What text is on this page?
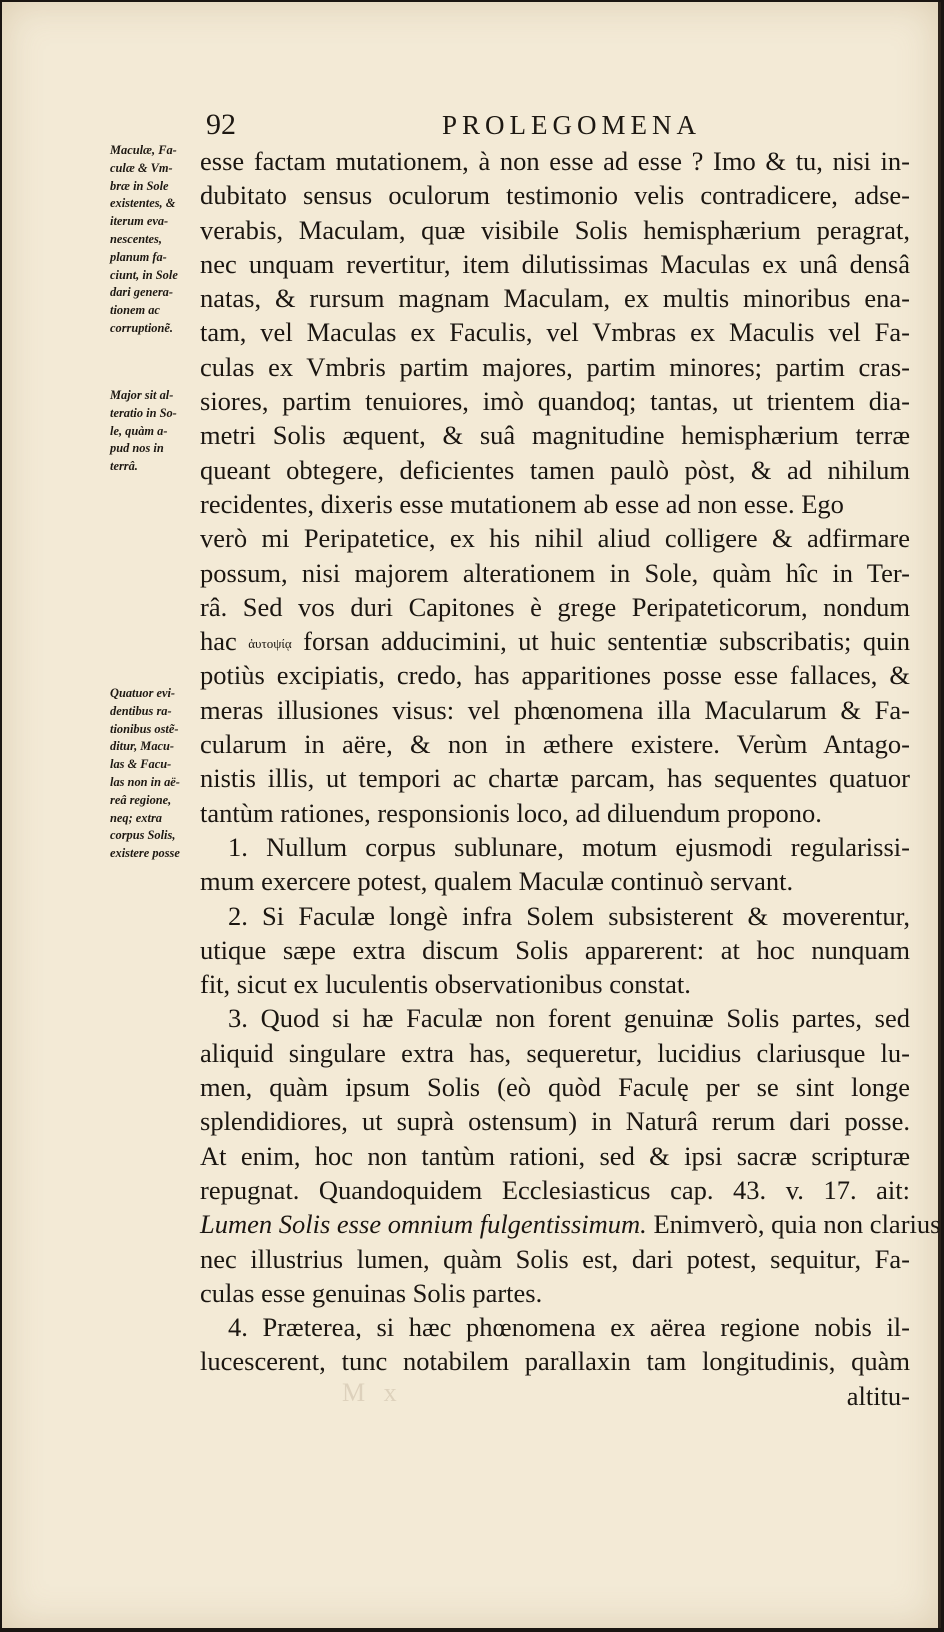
92	PROLEGOMENA
Maculæ, Fa-
culæ & Vm-
bræ in Sole
existentes, &
iterum eva-
nescentes,
planum fa-
ciunt, in Sole
dari genera-
tionem ac
corruptionẽ.
Major sit al-
teratio in So-
le, quàm a-
pud nos in
terrâ.
Quatuor evi-
dentibus ra-
tionibus ostẽ-
ditur, Macu-
las & Facu-
las non in aë-
reâ regione,
neq; extra
corpus Solis,
existere posse
esse factam mutationem, à non esse ad esse ? Imo & tu, nisi in-
dubitato sensus oculorum testimonio velis contradicere, adse-
verabis, Maculam, quæ visibile Solis hemisphærium peragrat,
nec unquam revertitur, item dilutissimas Maculas ex unâ densâ
natas, & rursum magnam Maculam, ex multis minoribus ena-
tam, vel Maculas ex Faculis, vel Vmbras ex Maculis vel Fa-
culas ex Vmbris partim majores, partim minores; partim cras-
siores, partim tenuiores, imò quandoq; tantas, ut trientem dia-
metri Solis æquent, & suâ magnitudine hemisphærium terræ
queant obtegere, deficientes tamen paulò pòst, & ad nihilum
recidentes, dixeris esse mutationem ab esse ad non esse. Ego
verò mi Peripatetice, ex his nihil aliud colligere & adfirmare
possum, nisi majorem alterationem in Sole, quàm hîc in Ter-
râ. Sed vos duri Capitones è grege Peripateticorum, nondum
hac ἀυτοψίᾳ forsan adducimini, ut huic sententiæ subscribatis; quin
potiùs excipiatis, credo, has apparitiones posse esse fallaces, &
meras illusiones visus: vel phœnomena illa Macularum & Fa-
cularum in aëre, & non in æthere existere. Verùm Antago-
nistis illis, ut tempori ac chartæ parcam, has sequentes quatuor
tantùm rationes, responsionis loco, ad diluendum propono.
1. Nullum corpus sublunare, motum ejusmodi regularissi-
mum exercere potest, qualem Maculæ continuò servant.
2. Si Faculæ longè infra Solem subsisterent & moverentur,
utique sæpe extra discum Solis apparerent: at hoc nunquam
fit, sicut ex luculentis observationibus constat.
3. Quod si hæ Faculæ non forent genuinæ Solis partes, sed
aliquid singulare extra has, sequeretur, lucidius clariusque lu-
men, quàm ipsum Solis (eò quòd Faculę per se sint longe
splendidiores, ut suprà ostensum) in Naturâ rerum dari posse.
At enim, hoc non tantùm rationi, sed & ipsi sacræ scripturæ
repugnat. Quandoquidem Ecclesiasticus cap. 43. v. 17. ait:
Lumen Solis esse omnium fulgentissimum. Enimverò, quia non clarius
nec illustrius lumen, quàm Solis est, dari potest, sequitur, Fa-
culas esse genuinas Solis partes.
4. Præterea, si hæc phœnomena ex aërea regione nobis il-
lucescerent, tunc notabilem parallaxin tam longitudinis, quàm
altitu-
M x
